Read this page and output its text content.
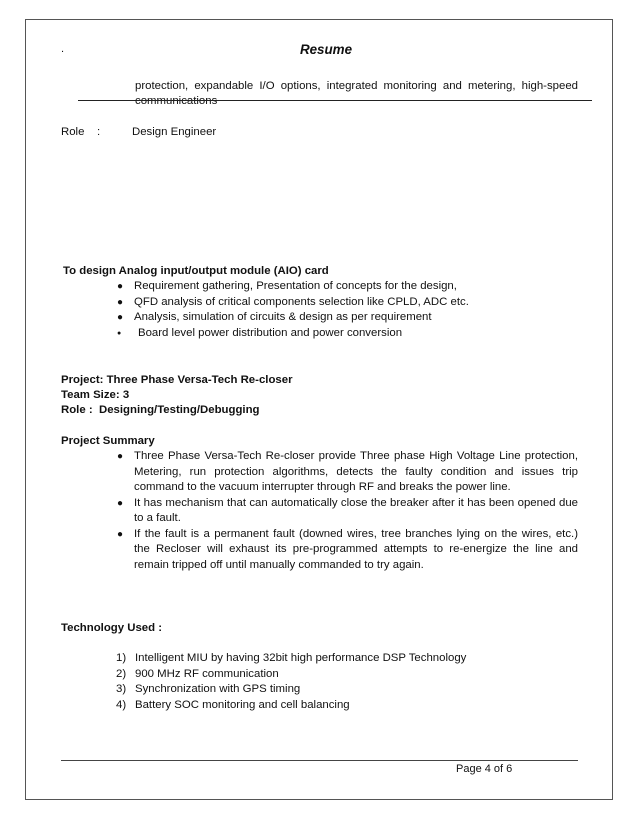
.	Resume
protection, expandable I/O options, integrated monitoring and metering, high-speed
communications
Role :	Design Engineer
To design Analog input/output module (AIO) card
● Requirement gathering, Presentation of concepts for the design,
● QFD analysis of critical components selection like CPLD, ADC etc.
● Analysis, simulation of circuits & design as per requirement
● Board level power distribution and power conversion
Project: Three Phase Versa-Tech Re-closer
Team Size: 3
Role :  Designing/Testing/Debugging
Project Summary
● Three Phase Versa-Tech Re-closer provide Three phase High Voltage Line protection, Metering, run protection algorithms, detects the faulty condition and issues trip command to the vacuum interrupter through RF and breaks the power line.
● It has mechanism that can automatically close the breaker after it has been opened due to a fault.
● If the fault is a permanent fault (downed wires, tree branches lying on the wires, etc.) the Recloser will exhaust its pre-programmed attempts to re-energize the line and remain tripped off until manually commanded to try again.
Technology Used :
1) Intelligent MIU by having 32bit high performance DSP Technology
2) 900 MHz RF communication
3) Synchronization with GPS timing
4) Battery SOC monitoring and cell balancing
Page 4 of 6
